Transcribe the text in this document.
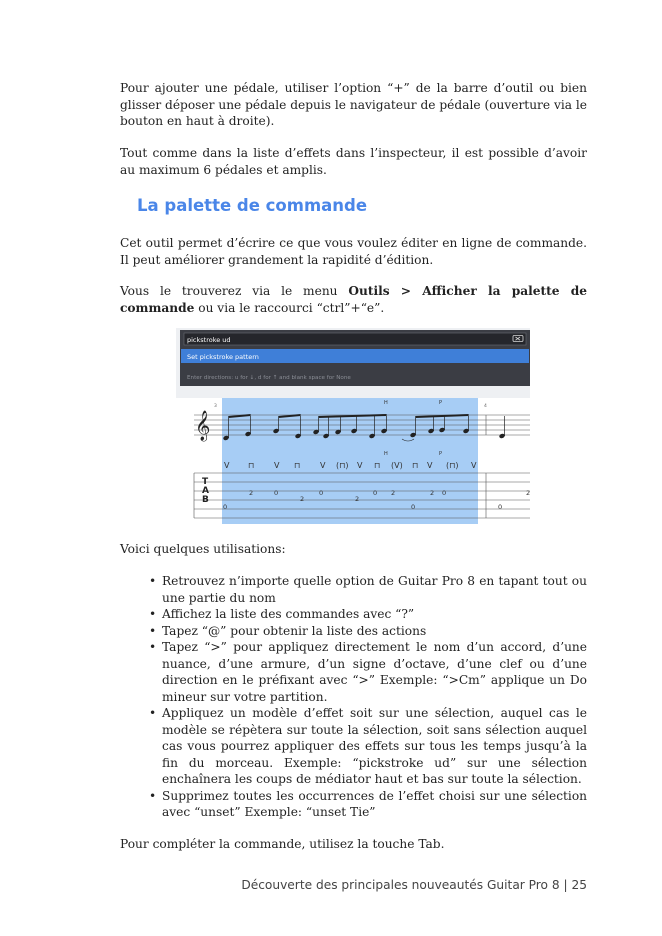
Pour ajouter une pédale, utiliser l’option “+” de la barre d’outil ou bien glisser déposer une pédale depuis le navigateur de pédale (ouverture via le bouton en haut à droite).

Tout comme dans la liste d’effets dans l’inspecteur, il est possible d’avoir au maximum 6 pédales et amplis.

La palette de commande

Cet outil permet d’écrire ce que vous voulez éditer en ligne de commande. Il peut améliorer grandement la rapidité d’édition.

Vous le trouverez via le menu Outils > Afficher la palette de commande ou via le raccourci “ctrl”+“e”.

Voici quelques utilisations:

• Retrouvez n’importe quelle option de Guitar Pro 8 en tapant tout ou une partie du nom
• Affichez la liste des commandes avec “?”
• Tapez “@” pour obtenir la liste des actions
• Tapez “>” pour appliquez directement le nom d’un accord, d’une nuance, d’une armure, d’un signe d’octave, d’une clef ou d’une direction en le préfixant avec “>” Exemple: “>Cm” applique un Do mineur sur votre partition.
• Appliquez un modèle d’effet soit sur une sélection, auquel cas le modèle se répètera sur toute la sélection, soit sans sélection auquel cas vous pourrez appliquer des effets sur tous les temps jusqu’à la fin du morceau. Exemple: “pickstroke ud” sur une sélection enchaînera les coups de médiator haut et bas sur toute la sélection.
• Supprimez toutes les occurrences de l’effet choisi sur une sélection avec “unset” Exemple: “unset Tie”

Pour compléter la commande, utilisez la touche Tab.

pickstroke ud
Set pickstroke pattern
Enter directions: u for ↓, d for ↑ and blank space for None
𝄞
3	4
H	P
H	P
V ⊓ V ⊓ V (⊓) V ⊓ (V) ⊓ V (⊓) V
T
A
B
0
2	0
2
0
2
0 2
0
2 0
0
2
Découverte des principales nouveautés Guitar Pro 8 | 25
